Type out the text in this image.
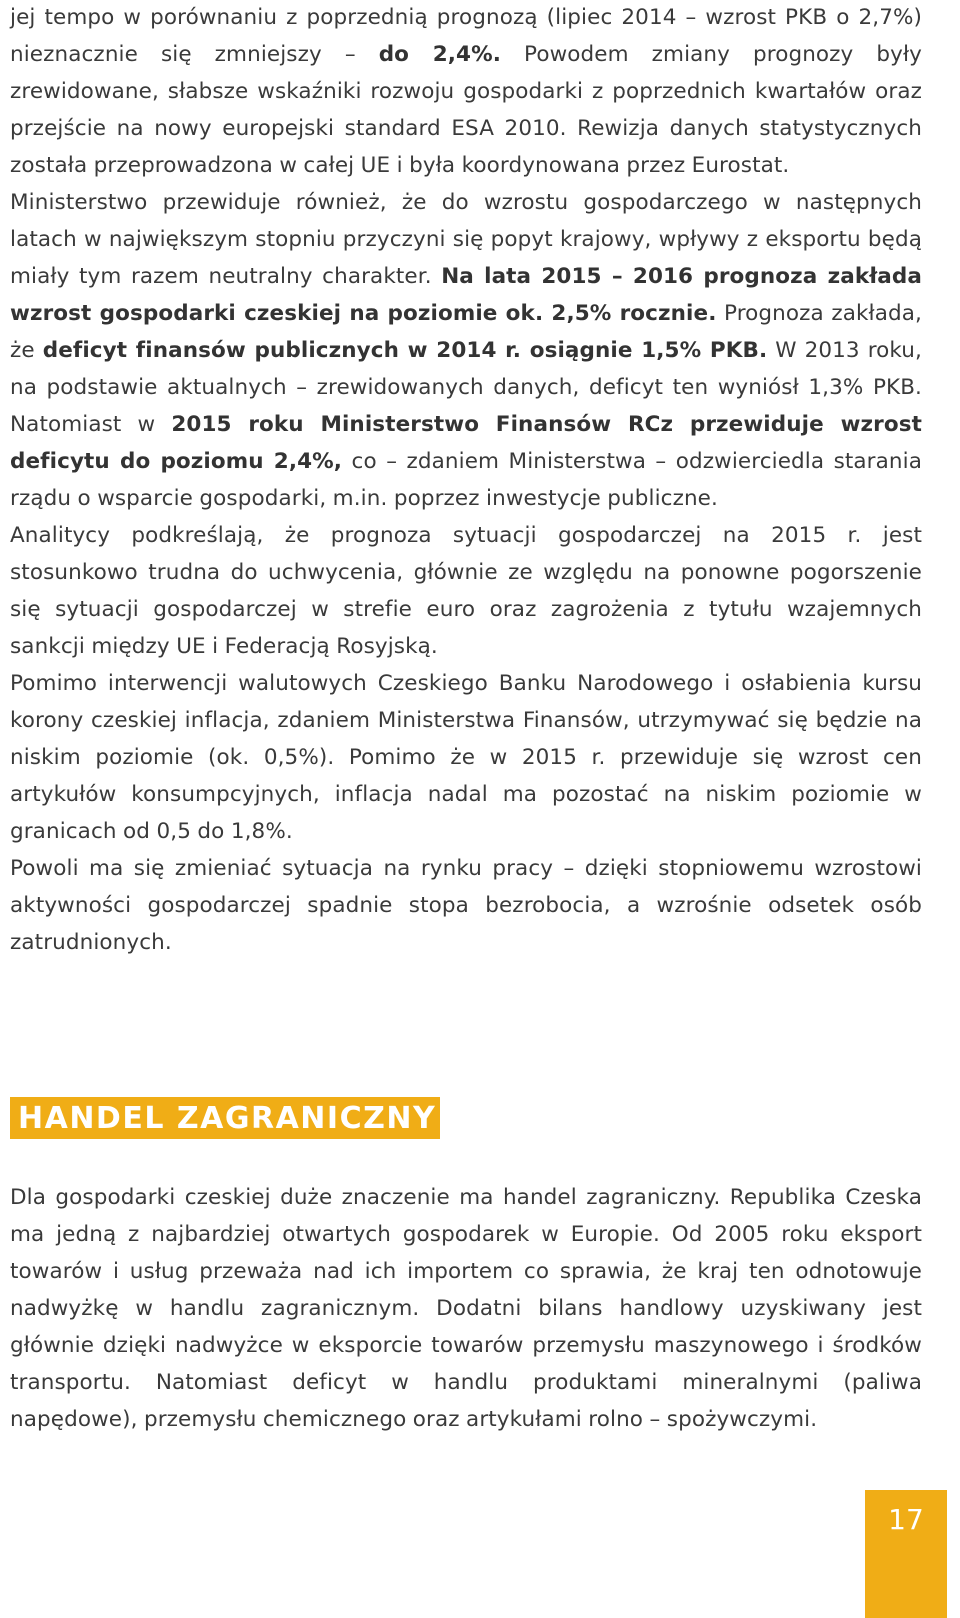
jej tempo w porównaniu z poprzednią prognozą (lipiec 2014 – wzrost PKB o 2,7%) nieznacznie się zmniejszy – do 2,4%. Powodem zmiany prognozy były zrewidowane, słabsze wskaźniki rozwoju gospodarki z poprzednich kwartałów oraz przejście na nowy europejski standard ESA 2010. Rewizja danych statystycznych została przeprowadzona w całej UE i była koordynowana przez Eurostat.

Ministerstwo przewiduje również, że do wzrostu gospodarczego w następnych latach w największym stopniu przyczyni się popyt krajowy, wpływy z eksportu będą miały tym razem neutralny charakter. Na lata 2015 – 2016 prognoza zakłada wzrost gospodarki czeskiej na poziomie ok. 2,5% rocznie. Prognoza zakłada, że deficyt finansów publicznych w 2014 r. osiągnie 1,5% PKB. W 2013 roku, na podstawie aktualnych – zrewidowanych danych, deficyt ten wyniósł 1,3% PKB. Natomiast w 2015 roku Ministerstwo Finansów RCz przewiduje wzrost deficytu do poziomu 2,4%, co – zdaniem Ministerstwa – odzwierciedla starania rządu o wsparcie gospodarki, m.in. poprzez inwestycje publiczne.

Analitycy podkreślają, że prognoza sytuacji gospodarczej na 2015 r. jest stosunkowo trudna do uchwycenia, głównie ze względu na ponowne pogorszenie się sytuacji gospodarczej w strefie euro oraz zagrożenia z tytułu wzajemnych sankcji między UE i Federacją Rosyjską.

Pomimo interwencji walutowych Czeskiego Banku Narodowego i osłabienia kursu korony czeskiej inflacja, zdaniem Ministerstwa Finansów, utrzymywać się będzie na niskim poziomie (ok. 0,5%). Pomimo że w 2015 r. przewiduje się wzrost cen artykułów konsumpcyjnych, inflacja nadal ma pozostać na niskim poziomie w granicach od 0,5 do 1,8%.

Powoli ma się zmieniać sytuacja na rynku pracy – dzięki stopniowemu wzrostowi aktywności gospodarczej spadnie stopa bezrobocia, a wzrośnie odsetek osób zatrudnionych.

HANDEL ZAGRANICZNY

Dla gospodarki czeskiej duże znaczenie ma handel zagraniczny. Republika Czeska ma jedną z najbardziej otwartych gospodarek w Europie. Od 2005 roku eksport towarów i usług przeważa nad ich importem co sprawia, że kraj ten odnotowuje nadwyżkę w handlu zagranicznym. Dodatni bilans handlowy uzyskiwany jest głównie dzięki nadwyżce w eksporcie towarów przemysłu maszynowego i środków transportu. Natomiast deficyt w handlu produktami mineralnymi (paliwa napędowe), przemysłu chemicznego oraz artykułami rolno – spożywczymi.

17
